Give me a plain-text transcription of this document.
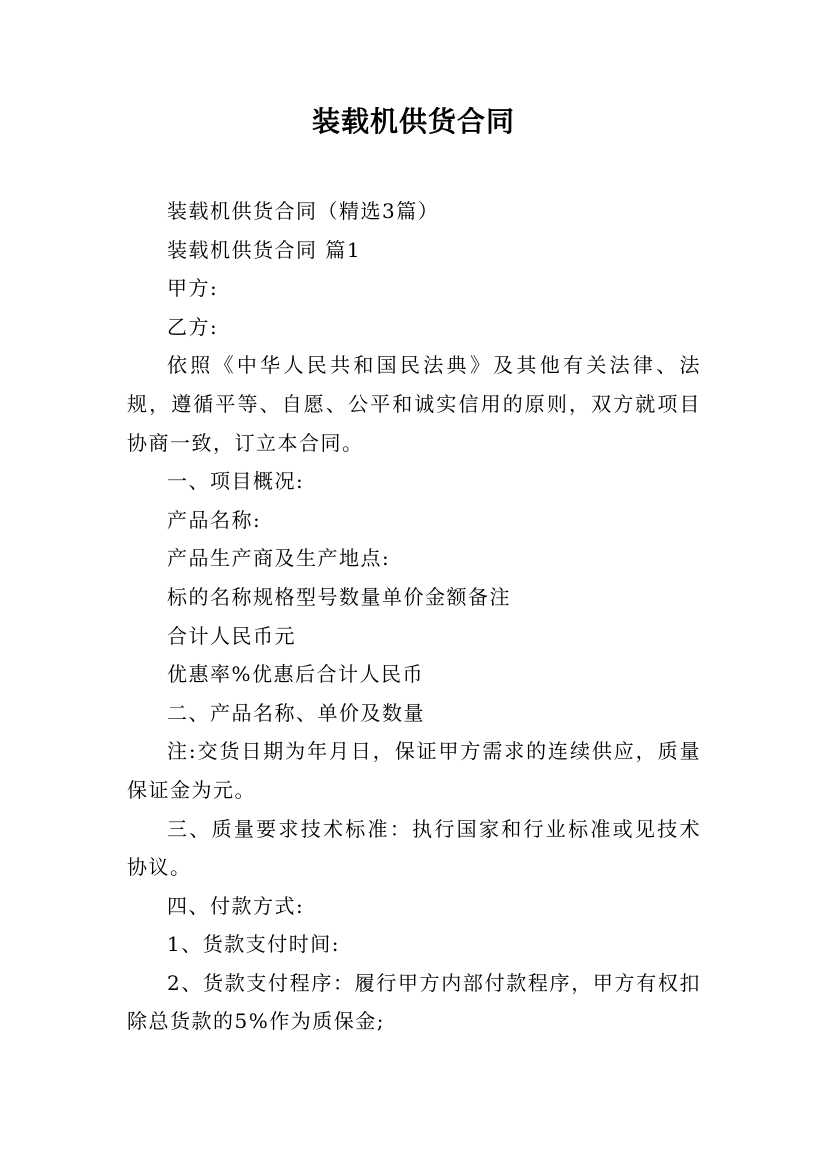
装载机供货合同

装载机供货合同（精选3篇）

装载机供货合同 篇1

甲方:

乙方:

依照《中华人民共和国民法典》及其他有关法律、法规，遵循平等、自愿、公平和诚实信用的原则，双方就项目协商一致，订立本合同。

一、项目概况:

产品名称:

产品生产商及生产地点:

标的名称规格型号数量单价金额备注

合计人民币元

优惠率%优惠后合计人民币

二、产品名称、单价及数量

注:交货日期为年月日，保证甲方需求的连续供应，质量保证金为元。

三、质量要求技术标准：执行国家和行业标准或见技术协议。

四、付款方式:

1、货款支付时间:

2、货款支付程序：履行甲方内部付款程序，甲方有权扣除总货款的5%作为质保金;
